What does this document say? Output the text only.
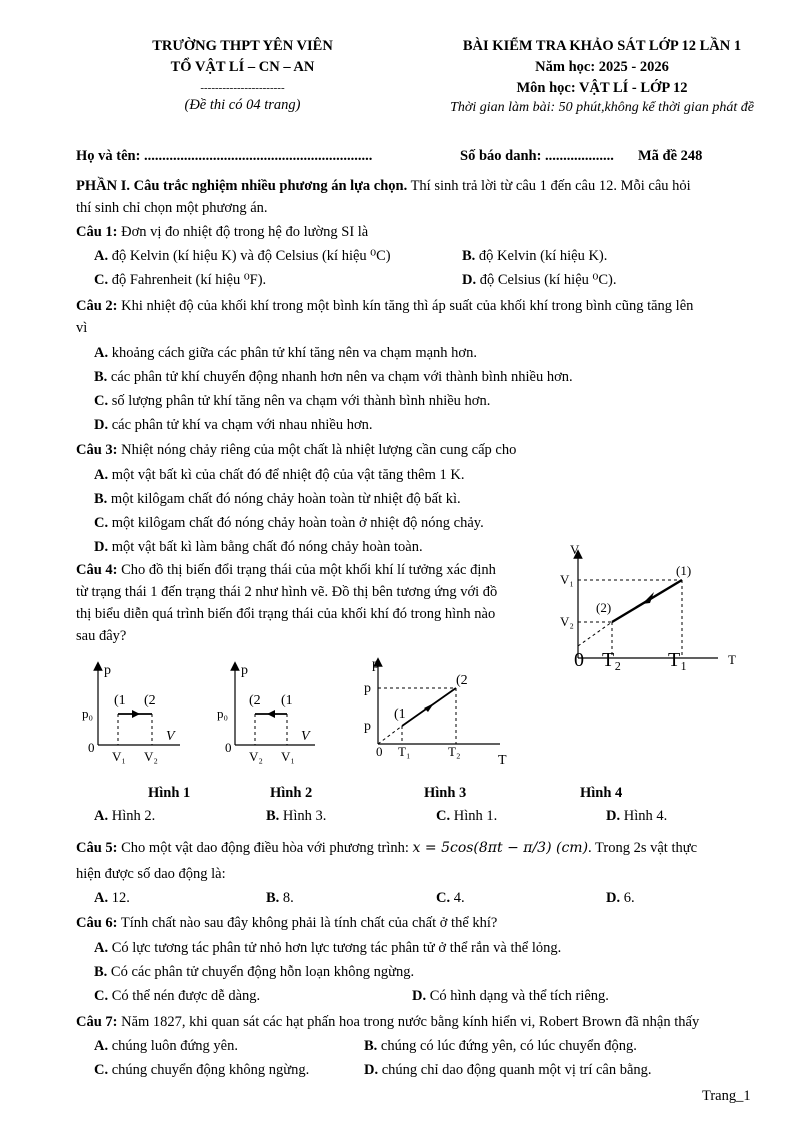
TRƯỜNG THPT YÊN VIÊN
TỔ VẬT LÍ – CN – AN
-----------------------
(Đề thi có 04 trang)
BÀI KIỂM TRA KHẢO SÁT LỚP 12 LẦN 1
Năm học: 2025 - 2026
Môn học: VẬT LÍ - LỚP 12
Thời gian làm bài: 50 phút,không kể thời gian phát đề
Họ và tên: ...............................................................	Số báo danh: ................... Mã đề 248
PHẦN I. Câu trắc nghiệm nhiều phương án lựa chọn. Thí sinh trả lời từ câu 1 đến câu 12. Mỗi câu hỏi
thí sinh chỉ chọn một phương án.
Câu 1: Đơn vị đo nhiệt độ trong hệ đo lường SI là
A. độ Kelvin (kí hiệu K) và độ Celsius (kí hiệu ⁰C)	B. độ Kelvin (kí hiệu K).
C. độ Fahrenheit (kí hiệu ⁰F).	D. độ Celsius (kí hiệu ⁰C).
Câu 2: Khi nhiệt độ của khối khí trong một bình kín tăng thì áp suất của khối khí trong bình cũng tăng lên
vì
A. khoảng cách giữa các phân tử khí tăng nên va chạm mạnh hơn.
B. các phân tử khí chuyển động nhanh hơn nên va chạm với thành bình nhiều hơn.
C. số lượng phân tử khí tăng nên va chạm với thành bình nhiều hơn.
D. các phân tử khí va chạm với nhau nhiều hơn.
Câu 3: Nhiệt nóng chảy riêng của một chất là nhiệt lượng cần cung cấp cho
A. một vật bất kì của chất đó để nhiệt độ của vật tăng thêm 1 K.
B. một kilôgam chất đó nóng chảy hoàn toàn từ nhiệt độ bất kì.
C. một kilôgam chất đó nóng chảy hoàn toàn ở nhiệt độ nóng chảy.
D. một vật bất kì làm bằng chất đó nóng chảy hoàn toàn.
Câu 4: Cho đồ thị biến đổi trạng thái của một khối khí lí tưởng xác định
từ trạng thái 1 đến trạng thái 2 như hình vẽ. Đồ thị bên tương ứng với đồ
thị biểu diễn quá trình biến đổi trạng thái của khối khí đó trong hình nào
sau đây?
V
V₁
V₂
(1)
(2)
0 T₂ T₁	T
p
p₀
(1 (2
V
0
V₁ V₂
p
p₀
(2 (1
V
0
V₂ V₁
p
p
p
(1
(2
0 T₁	T₂
T
Hình 1	Hình 2	Hình 3	Hình 4
A. Hình 2.	B. Hình 3.	C. Hình 1.	D. Hình 4.
Câu 5: Cho một vật dao động điều hòa với phương trình: x = 5cos(8πt − π/3) (cm). Trong 2s vật thực
hiện được số dao động là:
A. 12.	B. 8.	C. 4.	D. 6.
Câu 6: Tính chất nào sau đây không phải là tính chất của chất ở thể khí?
A. Có lực tương tác phân tử nhỏ hơn lực tương tác phân tử ở thể rắn và thể lỏng.
B. Có các phân tử chuyển động hỗn loạn không ngừng.
C. Có thể nén được dễ dàng.	D. Có hình dạng và thể tích riêng.
Câu 7: Năm 1827, khi quan sát các hạt phấn hoa trong nước bằng kính hiển vi, Robert Brown đã nhận thấy
A. chúng luôn đứng yên.	B. chúng có lúc đứng yên, có lúc chuyển động.
C. chúng chuyển động không ngừng.	D. chúng chỉ dao động quanh một vị trí cân bằng.
Trang_1
